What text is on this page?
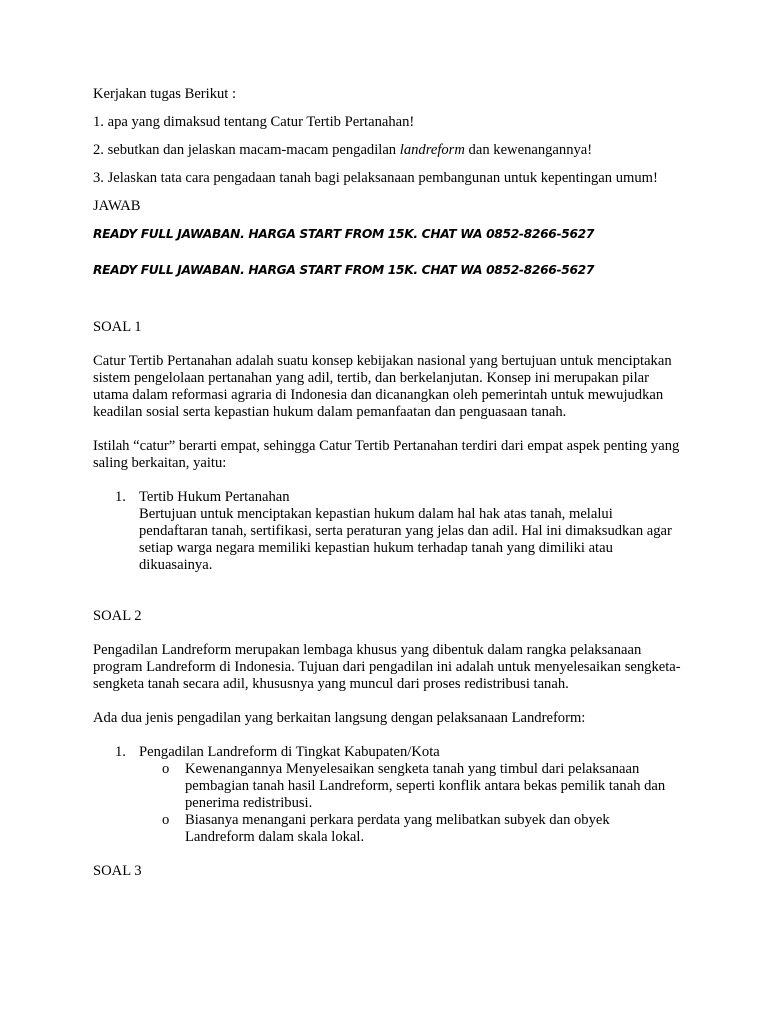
Kerjakan tugas Berikut :

1. apa yang dimaksud tentang Catur Tertib Pertanahan!

2. sebutkan dan jelaskan macam-macam pengadilan landreform dan kewenangannya!

3. Jelaskan tata cara pengadaan tanah bagi pelaksanaan pembangunan untuk kepentingan umum!

JAWAB

READY FULL JAWABAN. HARGA START FROM 15K. CHAT WA 0852-8266-5627

READY FULL JAWABAN. HARGA START FROM 15K. CHAT WA 0852-8266-5627

SOAL 1

Catur Tertib Pertanahan adalah suatu konsep kebijakan nasional yang bertujuan untuk menciptakan sistem pengelolaan pertanahan yang adil, tertib, dan berkelanjutan. Konsep ini merupakan pilar utama dalam reformasi agraria di Indonesia dan dicanangkan oleh pemerintah untuk mewujudkan keadilan sosial serta kepastian hukum dalam pemanfaatan dan penguasaan tanah.

Istilah “catur” berarti empat, sehingga Catur Tertib Pertanahan terdiri dari empat aspek penting yang saling berkaitan, yaitu:

1. Tertib Hukum Pertanahan
Bertujuan untuk menciptakan kepastian hukum dalam hal hak atas tanah, melalui pendaftaran tanah, sertifikasi, serta peraturan yang jelas dan adil. Hal ini dimaksudkan agar setiap warga negara memiliki kepastian hukum terhadap tanah yang dimiliki atau dikuasainya.

SOAL 2

Pengadilan Landreform merupakan lembaga khusus yang dibentuk dalam rangka pelaksanaan program Landreform di Indonesia. Tujuan dari pengadilan ini adalah untuk menyelesaikan sengketa-sengketa tanah secara adil, khususnya yang muncul dari proses redistribusi tanah.

Ada dua jenis pengadilan yang berkaitan langsung dengan pelaksanaan Landreform:

1. Pengadilan Landreform di Tingkat Kabupaten/Kota
o Kewenangannya Menyelesaikan sengketa tanah yang timbul dari pelaksanaan pembagian tanah hasil Landreform, seperti konflik antara bekas pemilik tanah dan penerima redistribusi.
o Biasanya menangani perkara perdata yang melibatkan subyek dan obyek Landreform dalam skala lokal.

SOAL 3
